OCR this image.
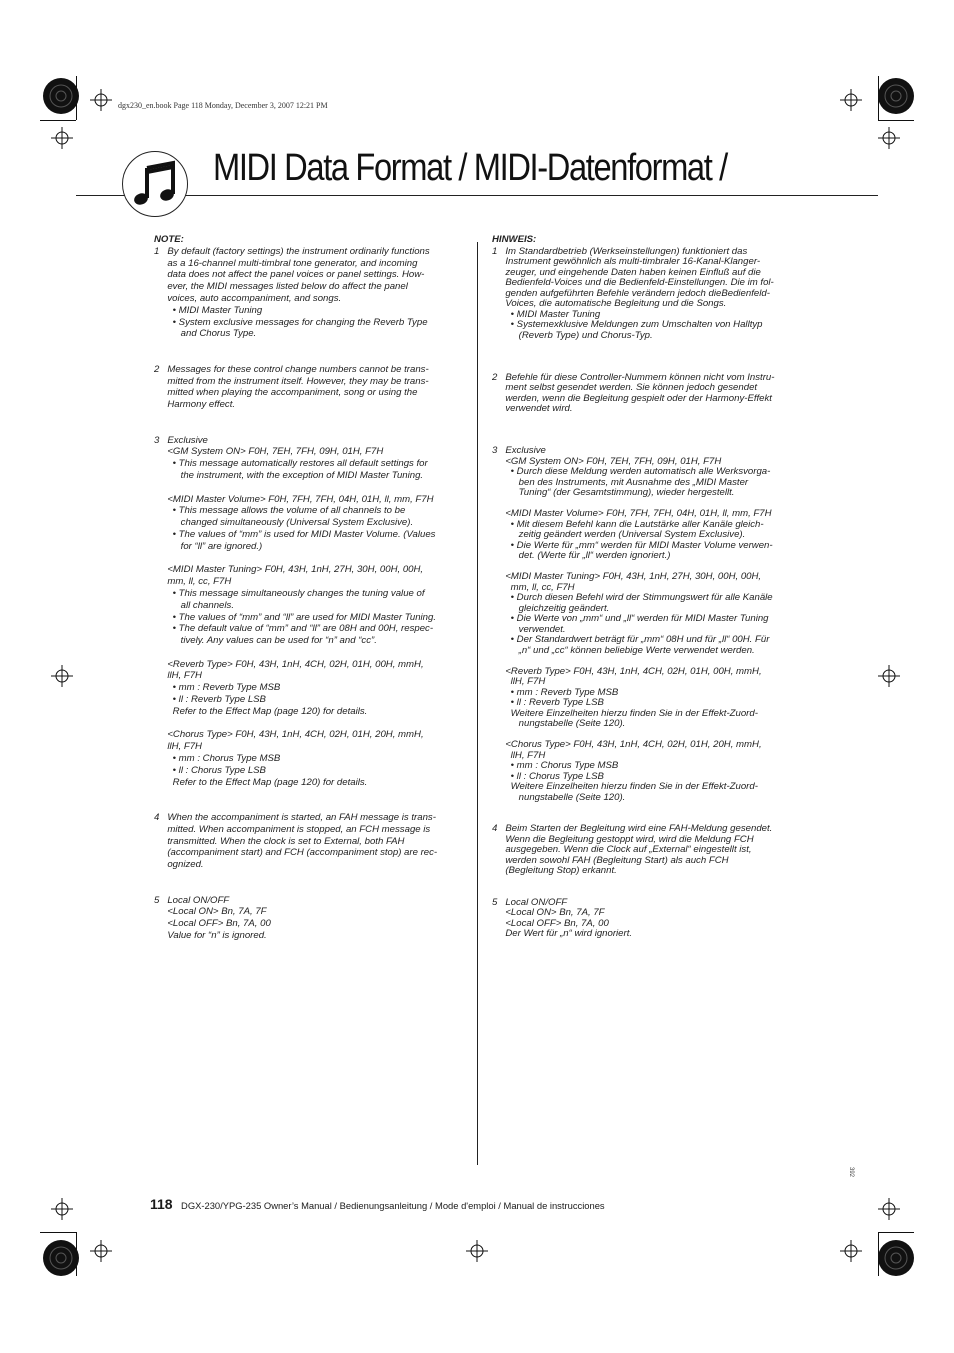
dgx230_en.book Page 118 Monday, December 3, 2007 12:21 PM
MIDI Data Format / MIDI-Datenformat /
NOTE:
1   By default (factory settings) the instrument ordinarily functions
as a 16-channel multi-timbral tone generator, and incoming
data does not affect the panel voices or panel settings. How-
ever, the MIDI messages listed below do affect the panel
voices, auto accompaniment, and songs.
• MIDI Master Tuning
• System exclusive messages for changing the Reverb Type
and Chorus Type.
2   Messages for these control change numbers cannot be trans-
mitted from the instrument itself. However, they may be trans-
mitted when playing the accompaniment, song or using the
Harmony effect.
3   Exclusive
<GM System ON> F0H, 7EH, 7FH, 09H, 01H, F7H
• This message automatically restores all default settings for
the instrument, with the exception of MIDI Master Tuning.
<MIDI Master Volume> F0H, 7FH, 7FH, 04H, 01H, ll, mm, F7H
• This message allows the volume of all channels to be
changed simultaneously (Universal System Exclusive).
• The values of “mm” is used for MIDI Master Volume. (Values
for “ll” are ignored.)
<MIDI Master Tuning> F0H, 43H, 1nH, 27H, 30H, 00H, 00H,
mm, ll, cc, F7H
• This message simultaneously changes the tuning value of
all channels.
• The values of “mm” and “ll” are used for MIDI Master Tuning.
• The default value of “mm” and “ll” are 08H and 00H, respec-
tively. Any values can be used for “n” and “cc”.
<Reverb Type> F0H, 43H, 1nH, 4CH, 02H, 01H, 00H, mmH,
llH, F7H
• mm : Reverb Type MSB
• ll : Reverb Type LSB
Refer to the Effect Map (page 120) for details.
<Chorus Type> F0H, 43H, 1nH, 4CH, 02H, 01H, 20H, mmH,
llH, F7H
• mm : Chorus Type MSB
• ll : Chorus Type LSB
Refer to the Effect Map (page 120) for details.
4   When the accompaniment is started, an FAH message is trans-
mitted. When accompaniment is stopped, an FCH message is
transmitted. When the clock is set to External, both FAH
(accompaniment start) and FCH (accompaniment stop) are rec-
ognized.
5   Local ON/OFF
<Local ON> Bn, 7A, 7F
<Local OFF> Bn, 7A, 00
Value for “n” is ignored.
HINWEIS:
1   Im Standardbetrieb (Werkseinstellungen) funktioniert das
Instrument gewöhnlich als multi-timbraler 16-Kanal-Klanger-
zeuger, und eingehende Daten haben keinen Einfluß auf die
Bedienfeld-Voices und die Bedienfeld-Einstellungen. Die im fol-
genden aufgeführten Befehle verändern jedoch dieBedienfeld-
Voices, die automatische Begleitung und die Songs.
• MIDI Master Tuning
• Systemexklusive Meldungen zum Umschalten von Halltyp
(Reverb Type) und Chorus-Typ.
2   Befehle für diese Controller-Nummern können nicht vom Instru-
ment selbst gesendet werden. Sie können jedoch gesendet
werden, wenn die Begleitung gespielt oder der Harmony-Effekt
verwendet wird.
3   Exclusive
<GM System ON> F0H, 7EH, 7FH, 09H, 01H, F7H
• Durch diese Meldung werden automatisch alle Werksvorga-
ben des Instruments, mit Ausnahme des „MIDI Master
Tuning“ (der Gesamtstimmung), wieder hergestellt.
<MIDI Master Volume> F0H, 7FH, 7FH, 04H, 01H, ll, mm, F7H
• Mit diesem Befehl kann die Lautstärke aller Kanäle gleich-
zeitig geändert werden (Universal System Exclusive).
• Die Werte für „mm“ werden für MIDI Master Volume verwen-
det. (Werte für „ll“ werden ignoriert.)
<MIDI Master Tuning> F0H, 43H, 1nH, 27H, 30H, 00H, 00H,
mm, ll, cc, F7H
• Durch diesen Befehl wird der Stimmungswert für alle Kanäle
gleichzeitig geändert.
• Die Werte von „mm“ und „ll“ werden für MIDI Master Tuning
verwendet.
• Der Standardwert beträgt für „mm“ 08H und für „ll“ 00H. Für
„n“ und „cc“ können beliebige Werte verwendet werden.
<Reverb Type> F0H, 43H, 1nH, 4CH, 02H, 01H, 00H, mmH,
llH, F7H
• mm : Reverb Type MSB
• ll : Reverb Type LSB
Weitere Einzelheiten hierzu finden Sie in der Effekt-Zuord-
nungstabelle (Seite 120).
<Chorus Type> F0H, 43H, 1nH, 4CH, 02H, 01H, 20H, mmH,
llH, F7H
• mm : Chorus Type MSB
• ll : Chorus Type LSB
Weitere Einzelheiten hierzu finden Sie in der Effekt-Zuord-
nungstabelle (Seite 120).
4   Beim Starten der Begleitung wird eine FAH-Meldung gesendet.
Wenn die Begleitung gestoppt wird, wird die Meldung FCH
ausgegeben. Wenn die Clock auf „External“ eingestellt ist,
werden sowohl FAH (Begleitung Start) als auch FCH
(Begleitung Stop) erkannt.
5   Local ON/OFF
<Local ON> Bn, 7A, 7F
<Local OFF> Bn, 7A, 00
Der Wert für „n“ wird ignoriert.
118 DGX-230/YPG-235 Owner’s Manual / Bedienungsanleitung / Mode d'emploi / Manual de instrucciones
392
